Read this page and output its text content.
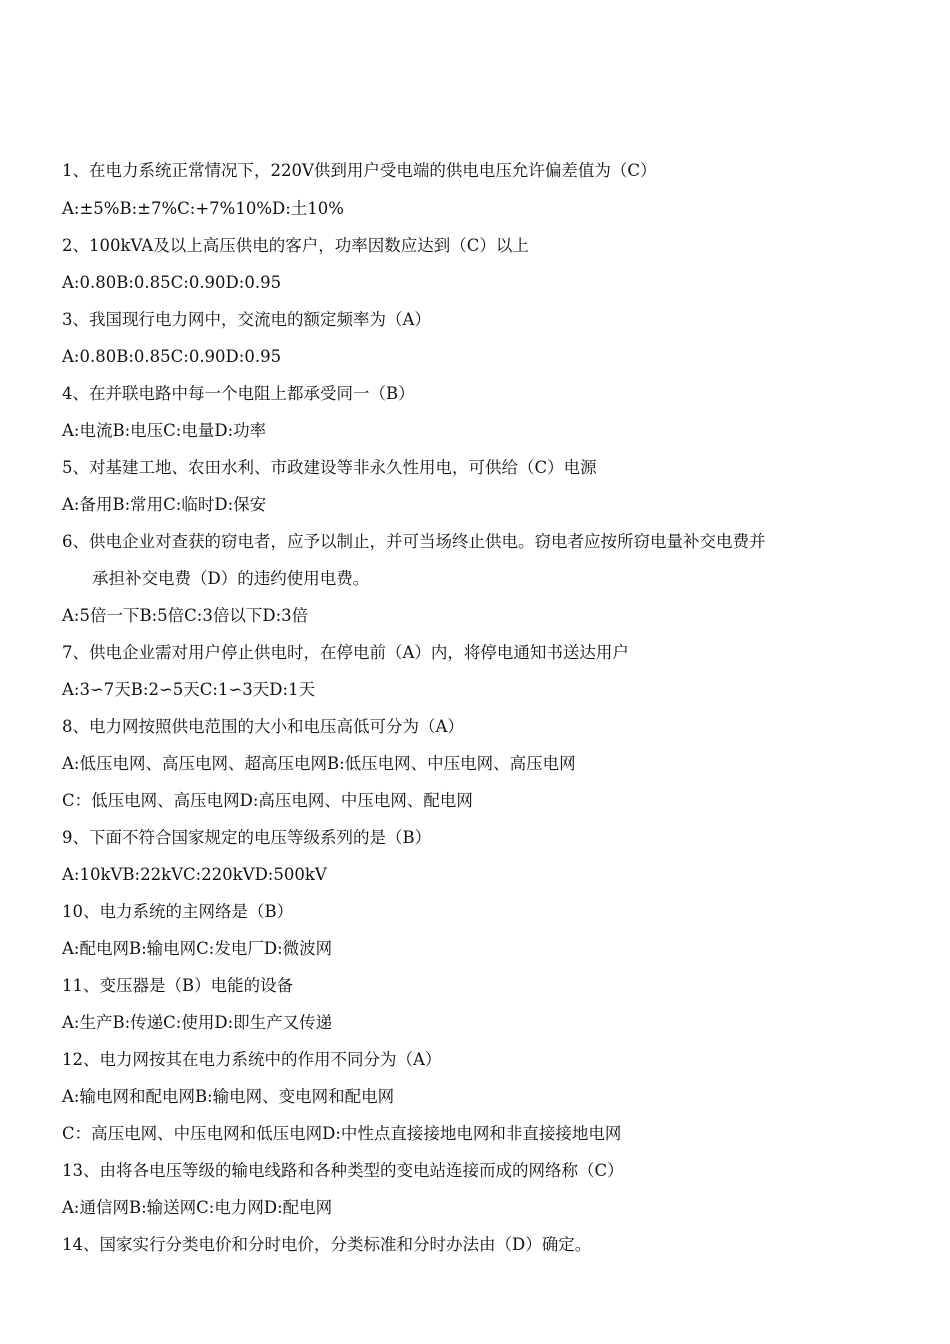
1、在电力系统正常情况下，220V供到用户受电端的供电电压允许偏差值为（C）
A:±5%B:±7%C:+7%10%D:土10%
2、100kVA及以上高压供电的客户，功率因数应达到（C）以上
A:0.80B:0.85C:0.90D:0.95
3、我国现行电力网中，交流电的额定频率为（A）
A:0.80B:0.85C:0.90D:0.95
4、在并联电路中每一个电阻上都承受同一（B）
A:电流B:电压C:电量D:功率
5、对基建工地、农田水利、市政建设等非永久性用电，可供给（C）电源
A:备用B:常用C:临时D:保安
6、供电企业对查获的窃电者，应予以制止，并可当场终止供电。窃电者应按所窃电量补交电费并
承担补交电费（D）的违约使用电费。
A:5倍一下B:5倍C:3倍以下D:3倍
7、供电企业需对用户停止供电时，在停电前（A）内，将停电通知书送达用户
A:3∽7天B:2∽5天C:1∽3天D:1天
8、电力网按照供电范围的大小和电压高低可分为（A）
A:低压电网、高压电网、超高压电网B:低压电网、中压电网、高压电网
C：低压电网、高压电网D:高压电网、中压电网、配电网
9、下面不符合国家规定的电压等级系列的是（B）
A:10kVB:22kVC:220kVD:500kV
10、电力系统的主网络是（B）
A:配电网B:输电网C:发电厂D:微波网
11、变压器是（B）电能的设备
A:生产B:传递C:使用D:即生产又传递
12、电力网按其在电力系统中的作用不同分为（A）
A:输电网和配电网B:输电网、变电网和配电网
C：高压电网、中压电网和低压电网D:中性点直接接地电网和非直接接地电网
13、由将各电压等级的输电线路和各种类型的变电站连接而成的网络称（C）
A:通信网B:输送网C:电力网D:配电网
14、国家实行分类电价和分时电价，分类标准和分时办法由（D）确定。
